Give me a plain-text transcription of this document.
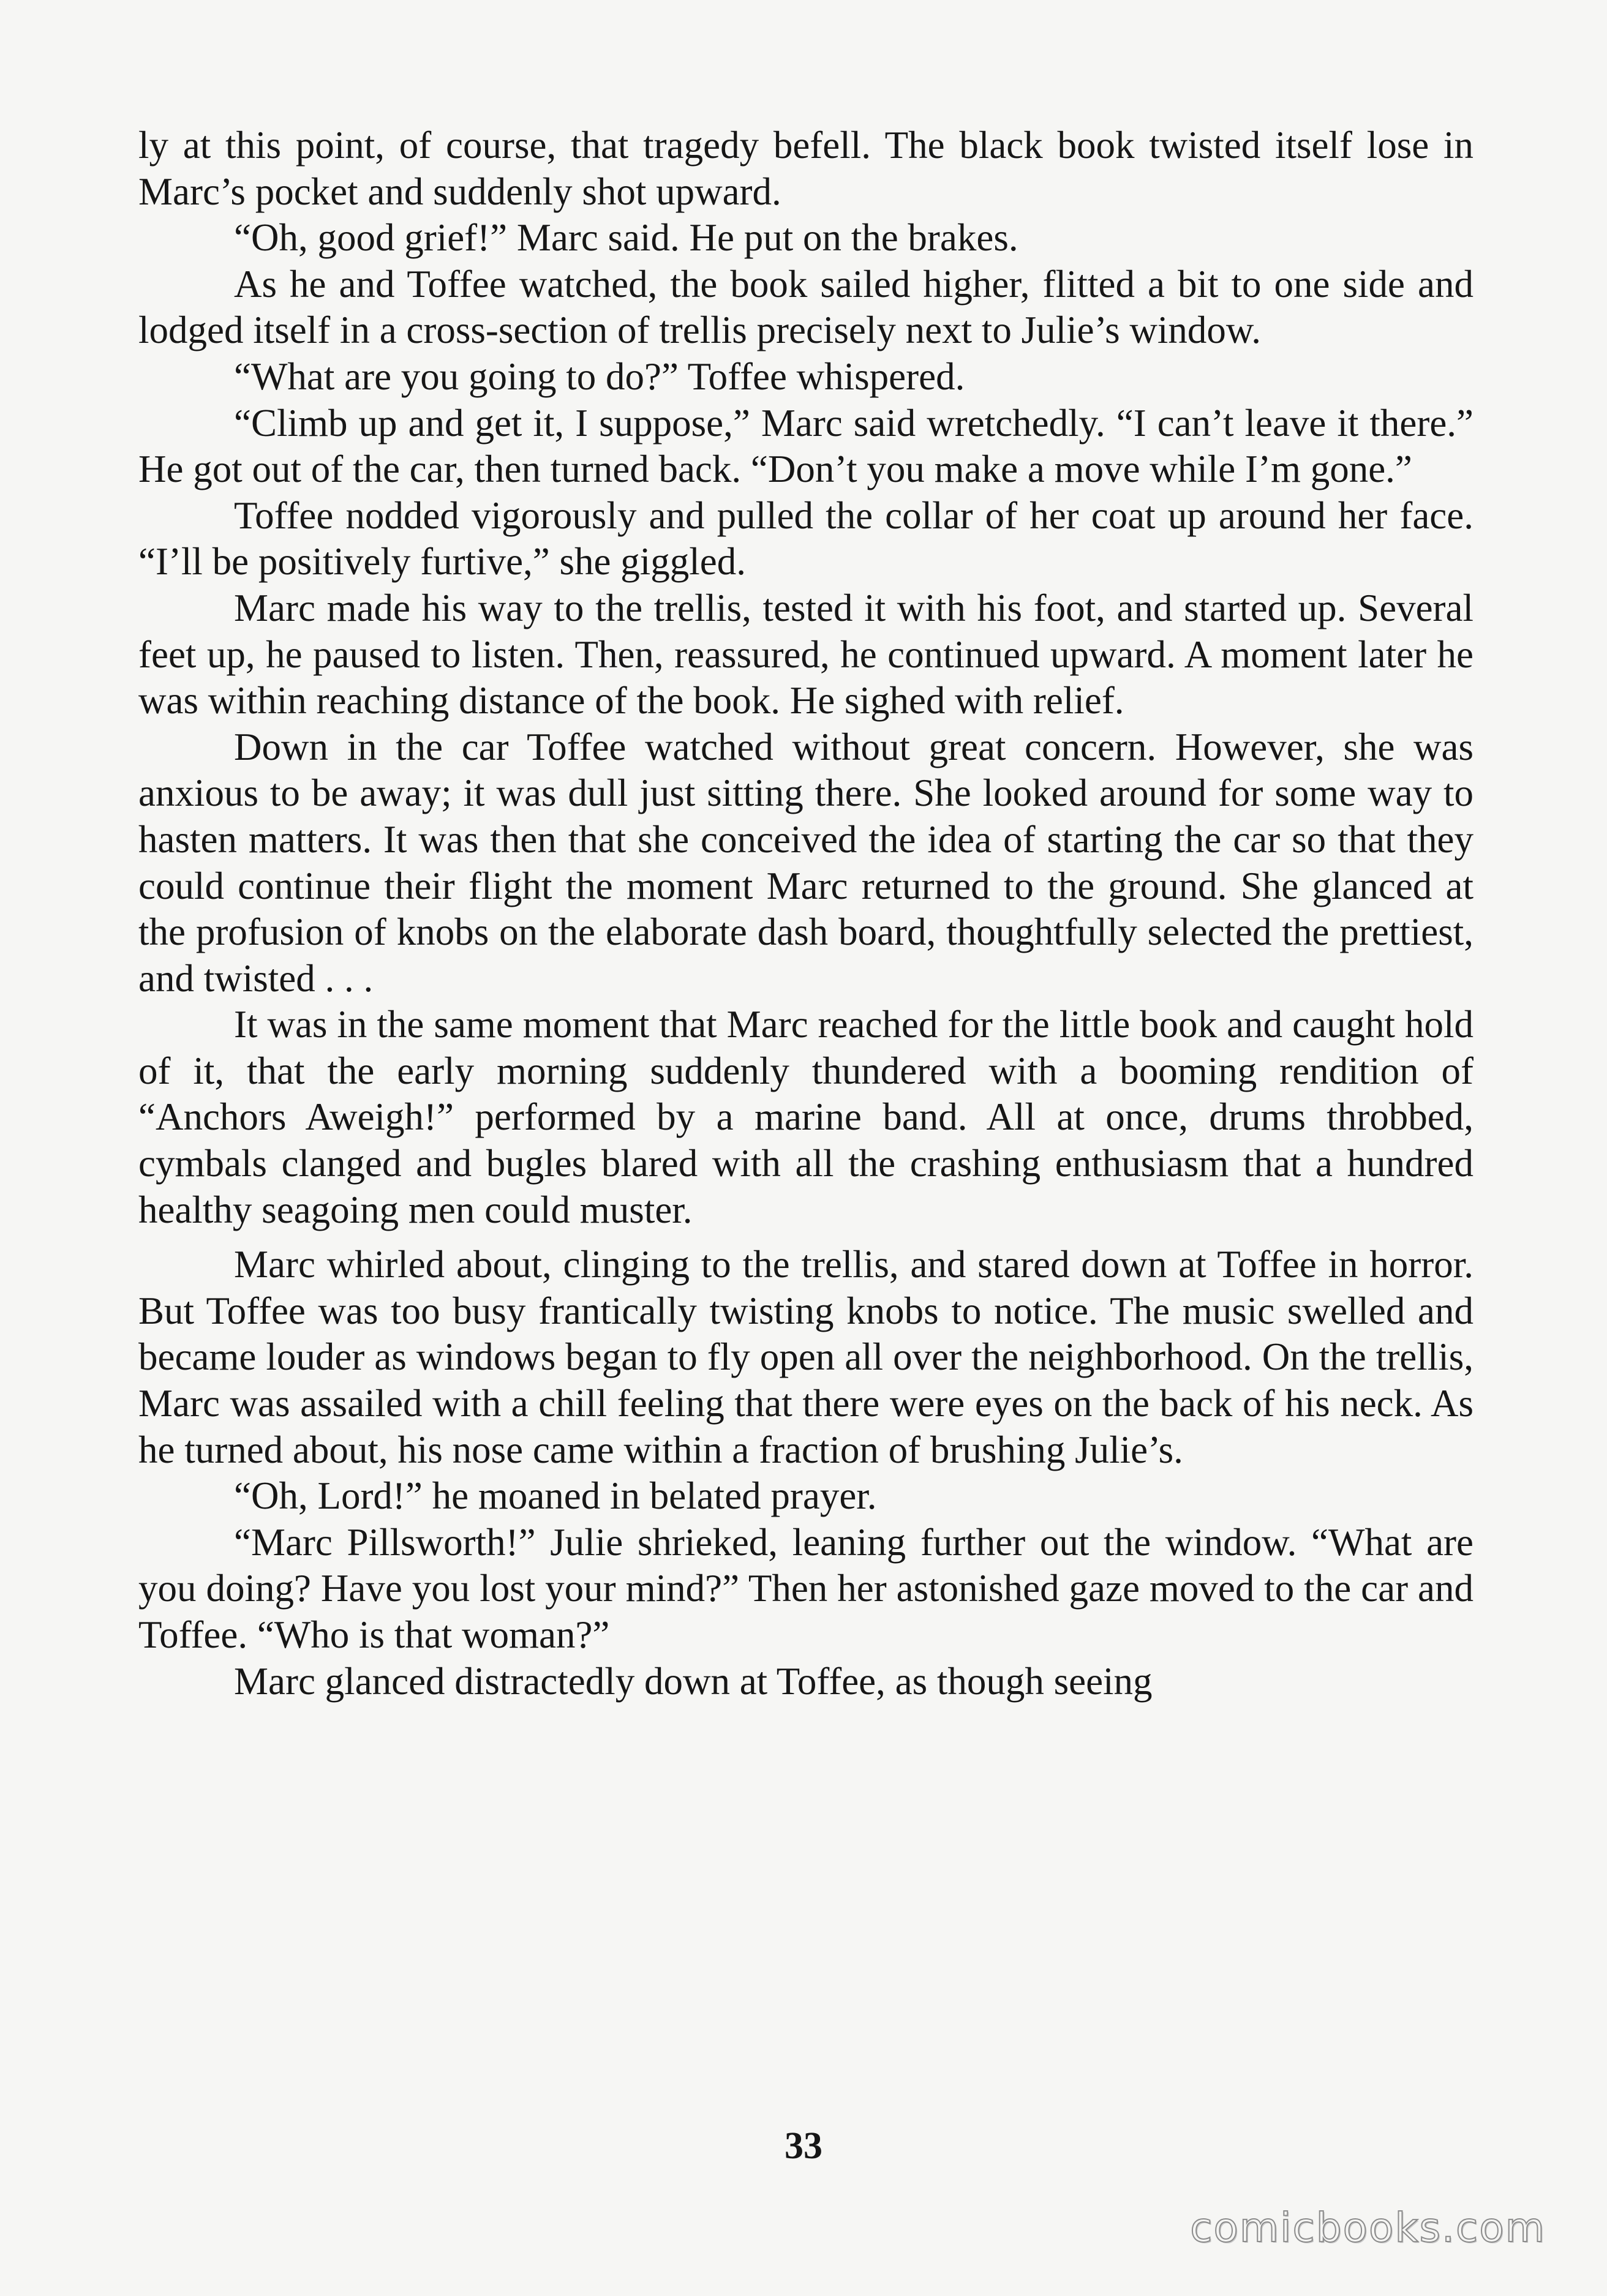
ly at this point, of course, that tragedy befell. The black book twisted itself lose in Marc’s pocket and suddenly shot upward.

“Oh, good grief!” Marc said. He put on the brakes.

As he and Toffee watched, the book sailed higher, flitted a bit to one side and lodged itself in a cross-section of trellis precisely next to Julie’s window.

“What are you going to do?” Toffee whispered.

“Climb up and get it, I suppose,” Marc said wretchedly. “I can’t leave it there.” He got out of the car, then turned back. “Don’t you make a move while I’m gone.”

Toffee nodded vigorously and pulled the collar of her coat up around her face. “I’ll be positively furtive,” she giggled.

Marc made his way to the trellis, tested it with his foot, and started up. Several feet up, he paused to listen. Then, reassured, he continued upward. A moment later he was within reaching distance of the book. He sighed with relief.

Down in the car Toffee watched without great concern. However, she was anxious to be away; it was dull just sitting there. She looked around for some way to hasten matters. It was then that she conceived the idea of starting the car so that they could continue their flight the moment Marc returned to the ground. She glanced at the profusion of knobs on the elaborate dash board, thoughtfully selected the prettiest, and twisted . . .

It was in the same moment that Marc reached for the little book and caught hold of it, that the early morning suddenly thundered with a booming rendition of “Anchors Aweigh!” performed by a marine band. All at once, drums throbbed, cymbals clanged and bugles blared with all the crashing enthusiasm that a hundred healthy seagoing men could muster.

Marc whirled about, clinging to the trellis, and stared down at Toffee in horror. But Toffee was too busy frantically twisting knobs to notice. The music swelled and became louder as windows began to fly open all over the neighborhood. On the trellis, Marc was assailed with a chill feeling that there were eyes on the back of his neck. As he turned about, his nose came within a fraction of brushing Julie’s.

“Oh, Lord!” he moaned in belated prayer.

“Marc Pillsworth!” Julie shrieked, leaning further out the window. “What are you doing? Have you lost your mind?” Then her astonished gaze moved to the car and Toffee. “Who is that woman?”

Marc glanced distractedly down at Toffee, as though seeing

33
comicbooks.com
